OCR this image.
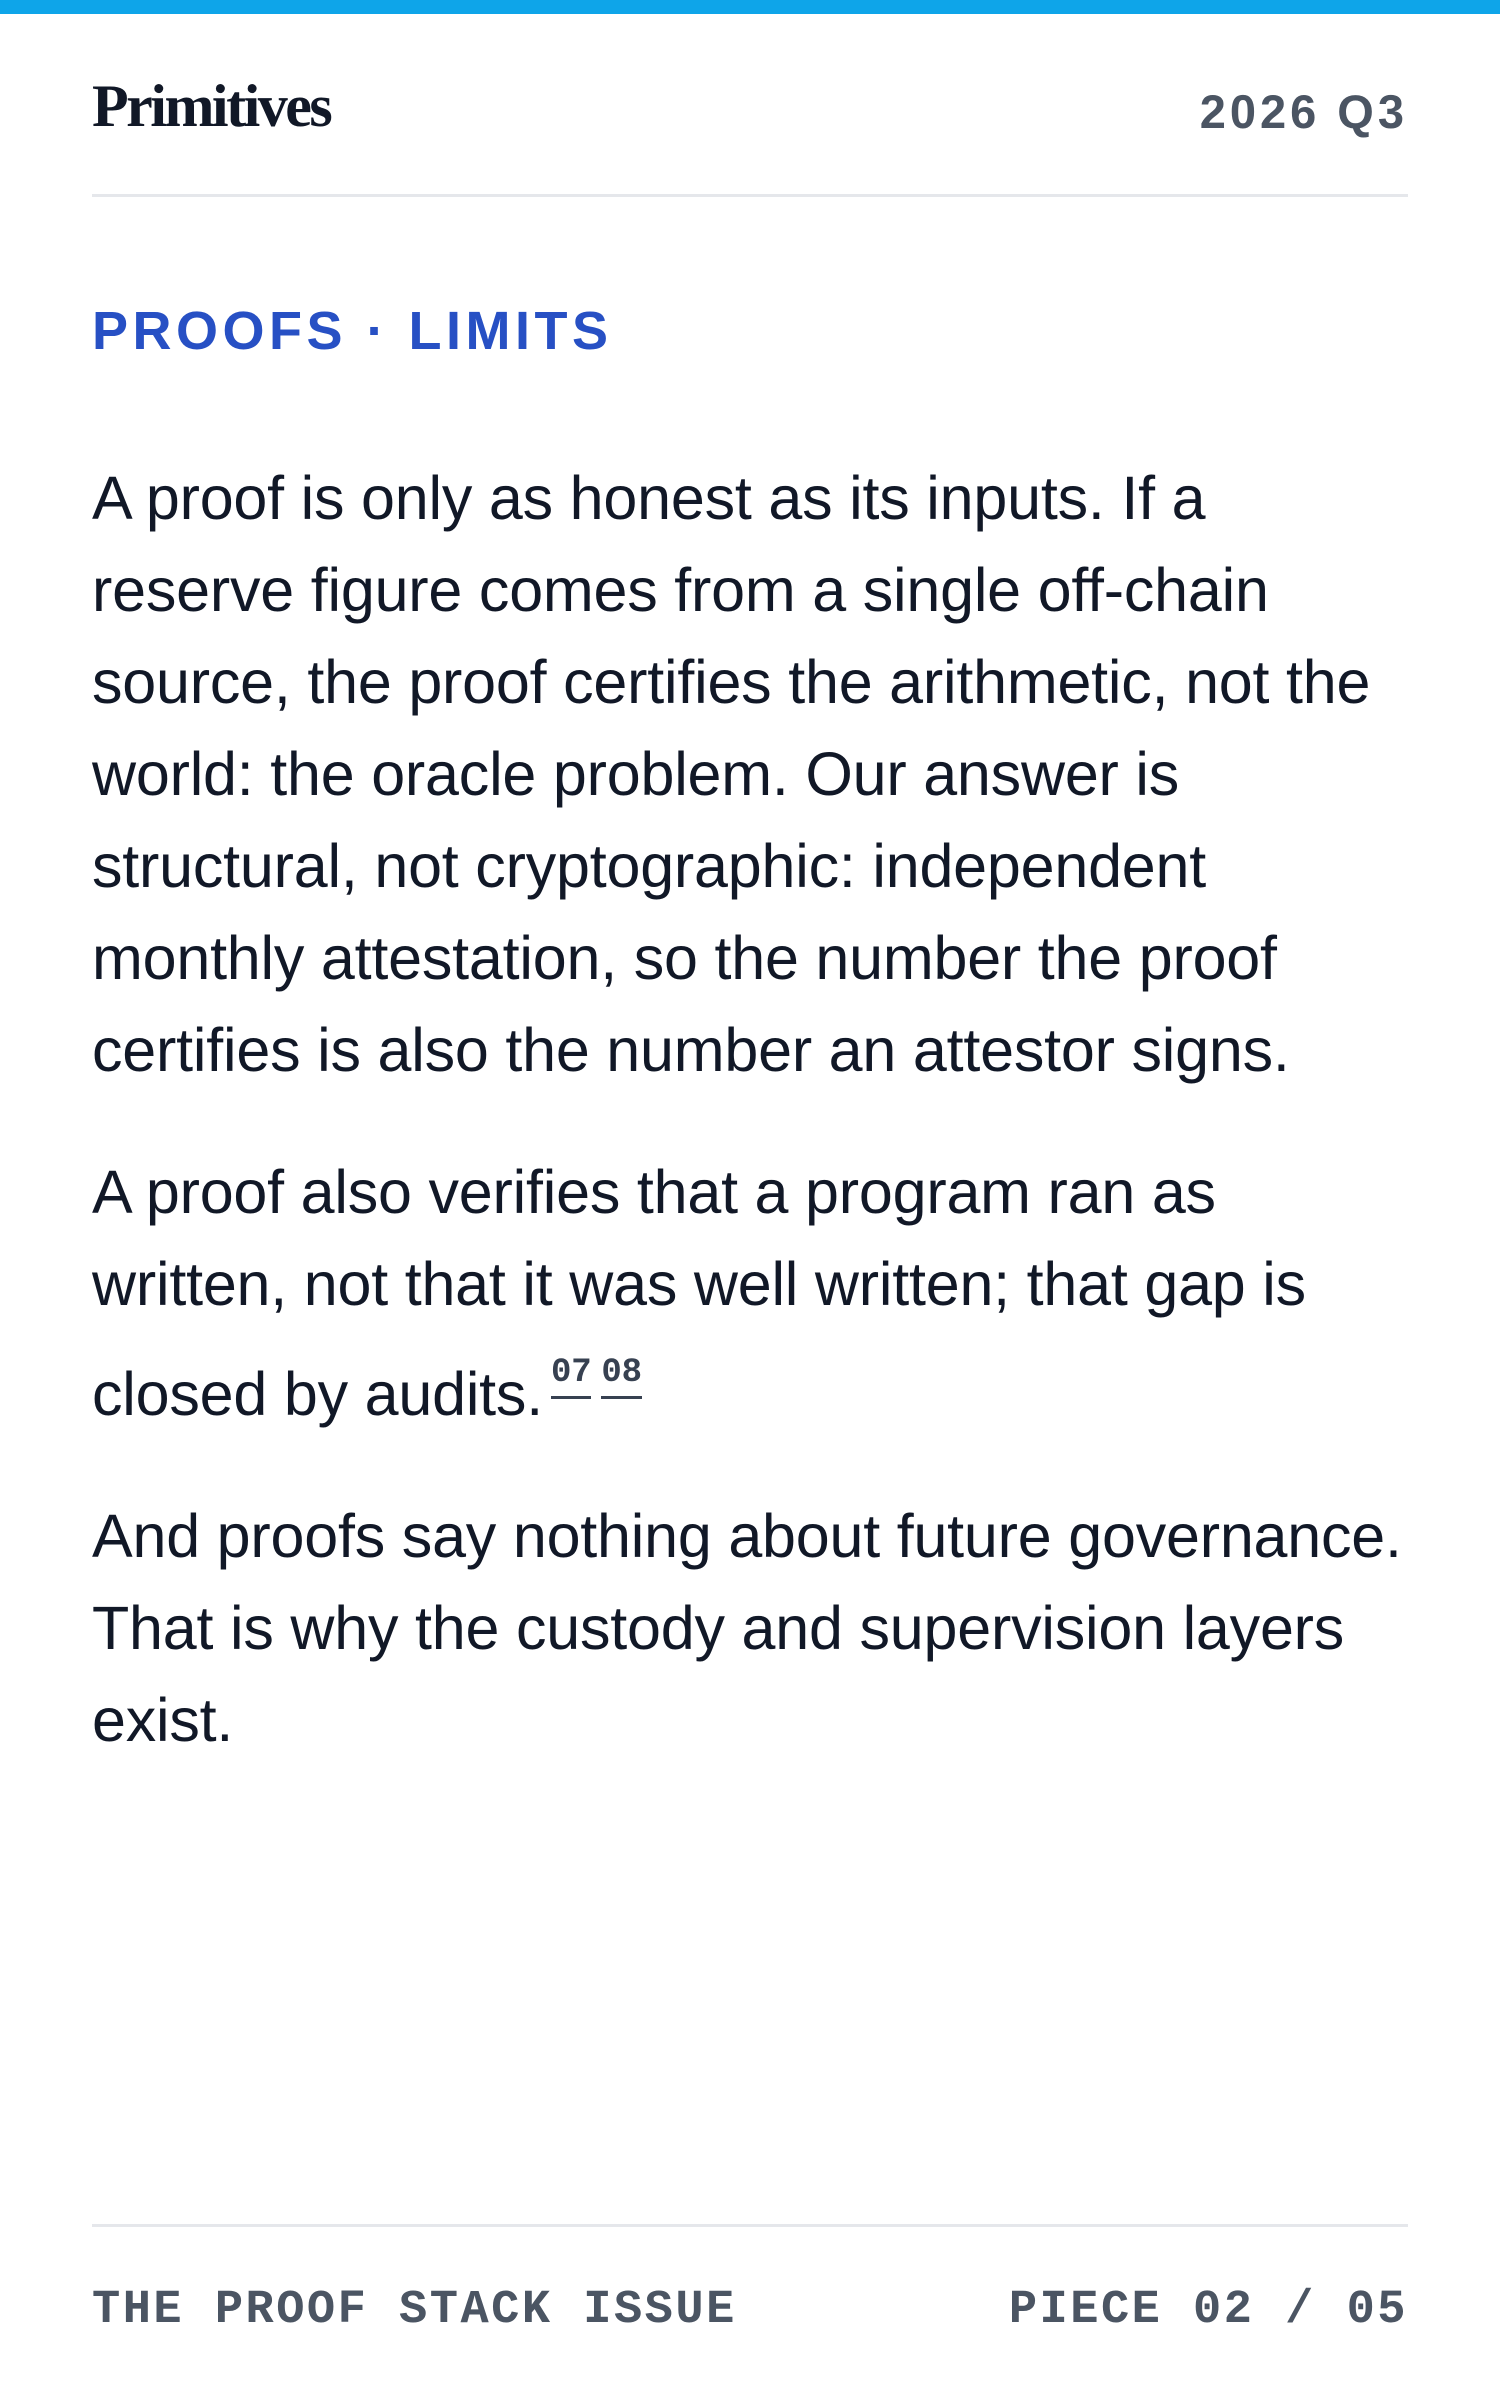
Primitives	2026 Q3
PROOFS · LIMITS

A proof is only as honest as its inputs. If a reserve figure comes from a single off-chain source, the proof certifies the arithmetic, not the world: the oracle problem. Our answer is structural, not cryptographic: independent monthly attestation, so the number the proof certifies is also the number an attestor signs.

A proof also verifies that a program ran as written, not that it was well written; that gap is closed by audits. 07 08

And proofs say nothing about future governance. That is why the custody and supervision layers exist.

THE PROOF STACK ISSUE	PIECE 02 / 05
